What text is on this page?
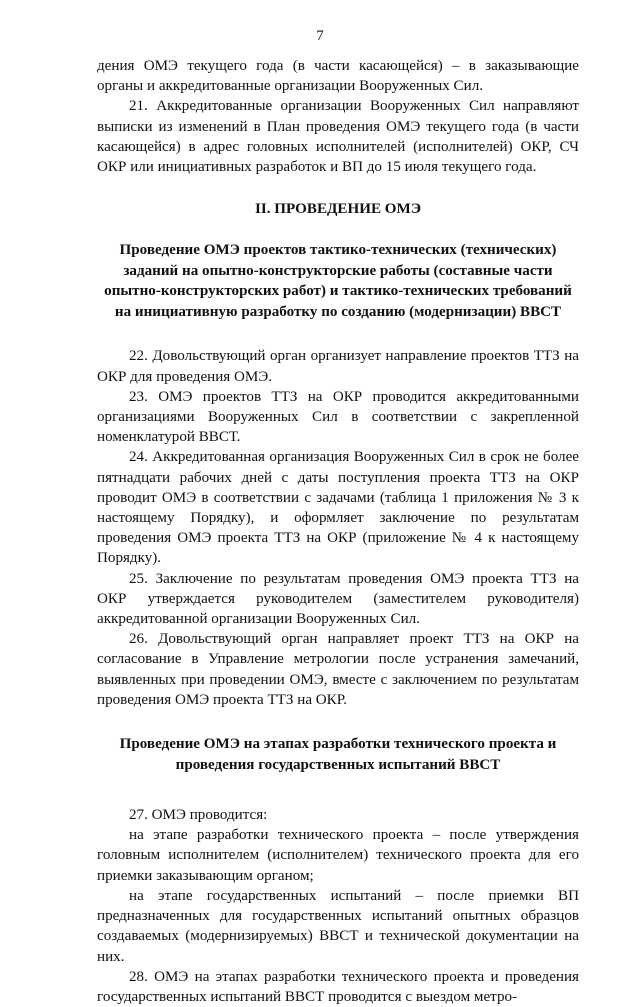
7

дения ОМЭ текущего года (в части касающейся) – в заказывающие органы и аккредитованные организации Вооруженных Сил.

21. Аккредитованные организации Вооруженных Сил направляют выписки из изменений в План проведения ОМЭ текущего года (в части касающейся) в адрес головных исполнителей (исполнителей) ОКР, СЧ ОКР или инициативных разработок и ВП до 15 июля текущего года.

II. ПРОВЕДЕНИЕ ОМЭ

Проведение ОМЭ проектов тактико-технических (технических) заданий на опытно-конструкторские работы (составные части опытно-конструкторских работ) и тактико-технических требований на инициативную разработку по созданию (модернизации) ВВСТ

22. Довольствующий орган организует направление проектов ТТЗ на ОКР для проведения ОМЭ.

23. ОМЭ проектов ТТЗ на ОКР проводится аккредитованными организациями Вооруженных Сил в соответствии с закрепленной номенклатурой ВВСТ.

24. Аккредитованная организация Вооруженных Сил в срок не более пятнадцати рабочих дней с даты поступления проекта ТТЗ на ОКР проводит ОМЭ в соответствии с задачами (таблица 1 приложения № 3 к настоящему Порядку), и оформляет заключение по результатам проведения ОМЭ проекта ТТЗ на ОКР (приложение № 4 к настоящему Порядку).

25. Заключение по результатам проведения ОМЭ проекта ТТЗ на ОКР утверждается руководителем (заместителем руководителя) аккредитованной организации Вооруженных Сил.

26. Довольствующий орган направляет проект ТТЗ на ОКР на согласование в Управление метрологии после устранения замечаний, выявленных при проведении ОМЭ, вместе с заключением по результатам проведения ОМЭ проекта ТТЗ на ОКР.

Проведение ОМЭ на этапах разработки технического проекта и проведения государственных испытаний ВВСТ

27. ОМЭ проводится:

на этапе разработки технического проекта – после утверждения головным исполнителем (исполнителем) технического проекта для его приемки заказывающим органом;

на этапе государственных испытаний – после приемки ВП предназначенных для государственных испытаний опытных образцов создаваемых (модернизируемых) ВВСТ и технической документации на них.

28. ОМЭ на этапах разработки технического проекта и проведения государственных испытаний ВВСТ проводится с выездом метро-
